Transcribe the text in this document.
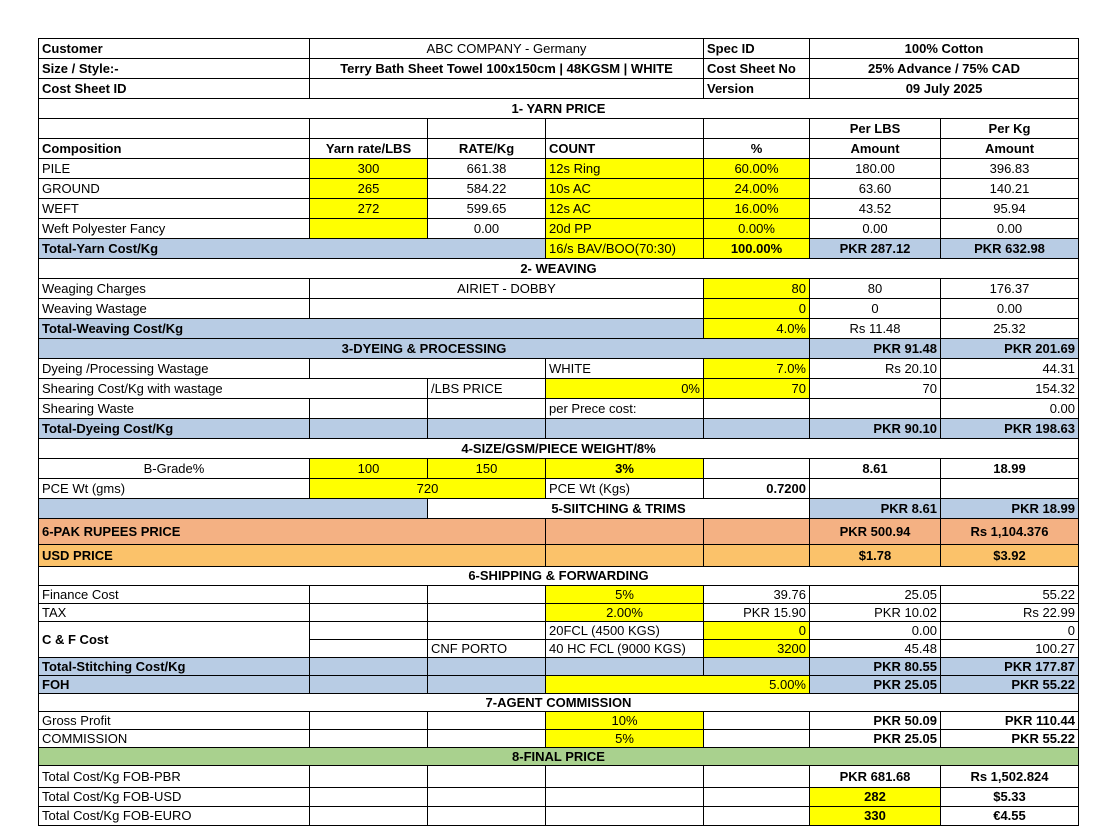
Customer	ABC COMPANY - Germany			Spec ID	100% Cotton	
Size / Style:-	Terry Bath Sheet Towel 100x150cm | 48KGSM | WHITE			Cost Sheet No	25% Advance / 75% CAD	
Cost Sheet ID				Version	09 July 2025	
1- YARN PRICE						
					Per LBS	Per Kg
Composition	Yarn rate/LBS	RATE/Kg	COUNT	%	Amount	Amount
PILE	300	661.38	12s Ring	60.00%	180.00	396.83
GROUND	265	584.22	10s AC	24.00%	63.60	140.21
WEFT	272	599.65	12s AC	16.00%	43.52	95.94
Weft Polyester Fancy		0.00	20d PP	0.00%	0.00	0.00
Total-Yarn Cost/Kg			16/s BAV/BOO(70:30)	100.00%	PKR 287.12	PKR 632.98
2- WEAVING						
Weaging Charges	AIRIET - DOBBY			80	80	176.37
Weaving Wastage				0	0	0.00
Total-Weaving Cost/Kg				4.0%	Rs 11.48	25.32
3-DYEING & PROCESSING					PKR 91.48	PKR 201.69
Dyeing /Processing Wastage			WHITE	7.0%	Rs 20.10	44.31
Shearing Cost/Kg with wastage		/LBS PRICE	0%	70	70	154.32
Shearing Waste			per Prece cost:			0.00
Total-Dyeing Cost/Kg					PKR 90.10	PKR 198.63
4-SIZE/GSM/PIECE WEIGHT/8%						
B-Grade%	100	150	3%		8.61	18.99
PCE Wt (gms)	720		PCE Wt (Kgs)	0.7200		
		5-SIITCHING & TRIMS			PKR 8.61	PKR 18.99
6-PAK RUPEES PRICE					PKR 500.94	Rs 1,104.376
USD PRICE					$1.78	$3.92
6-SHIPPING & FORWARDING						
Finance Cost			5%	39.76	25.05	55.22
TAX			2.00%	PKR 15.90	PKR 10.02	Rs 22.99
C & F Cost			20FCL (4500 KGS)	0	0.00	0
		CNF PORTO	40 HC FCL (9000 KGS)	3200	45.48	100.27
Total-Stitching Cost/Kg					PKR 80.55	PKR 177.87
FOH			5.00%		PKR 25.05	PKR 55.22
7-AGENT COMMISSION						
Gross Profit			10%		PKR 50.09	PKR 110.44
COMMISSION			5%		PKR 25.05	PKR 55.22
8-FINAL PRICE						
Total Cost/Kg FOB-PBR					PKR 681.68	Rs 1,502.824
Total Cost/Kg FOB-USD					282	$5.33
Total Cost/Kg FOB-EURO					330	€4.55
